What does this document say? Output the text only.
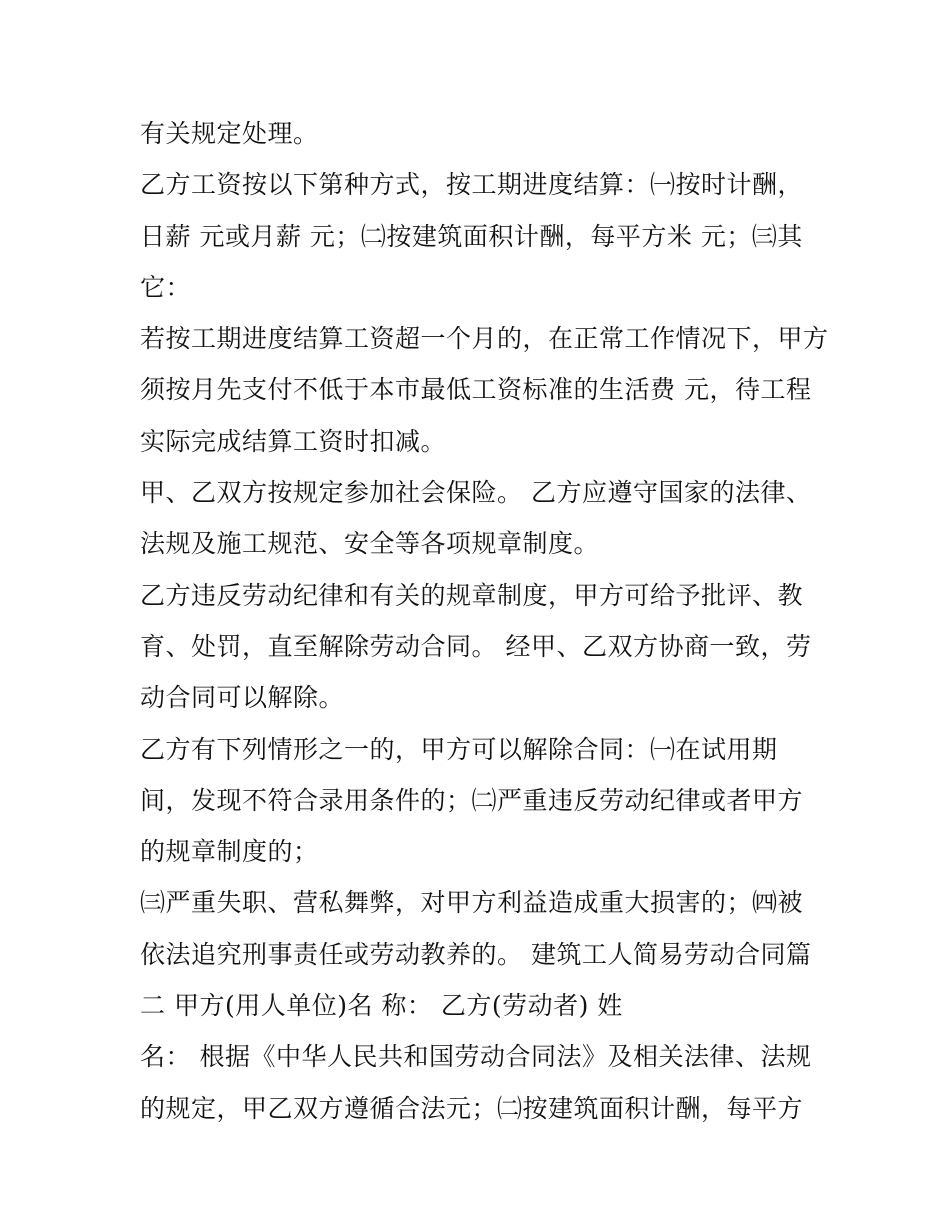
有关规定处理。
乙方工资按以下第种方式，按工期进度结算：㈠按时计酬，
日薪 元或月薪 元；㈡按建筑面积计酬，每平方米 元；㈢其
它：
若按工期进度结算工资超一个月的，在正常工作情况下，甲方
须按月先支付不低于本市最低工资标准的生活费 元，待工程
实际完成结算工资时扣减。
甲、乙双方按规定参加社会保险。 乙方应遵守国家的法律、
法规及施工规范、安全等各项规章制度。
乙方违反劳动纪律和有关的规章制度，甲方可给予批评、教
育、处罚，直至解除劳动合同。 经甲、乙双方协商一致，劳
动合同可以解除。
乙方有下列情形之一的，甲方可以解除合同：㈠在试用期
间，发现不符合录用条件的；㈡严重违反劳动纪律或者甲方
的规章制度的；
㈢严重失职、营私舞弊，对甲方利益造成重大损害的；㈣被
依法追究刑事责任或劳动教养的。 建筑工人简易劳动合同篇
二 甲方(用人单位)名 称： 乙方(劳动者) 姓
名： 根据《中华人民共和国劳动合同法》及相关法律、法规
的规定，甲乙双方遵循合法元；㈡按建筑面积计酬，每平方
